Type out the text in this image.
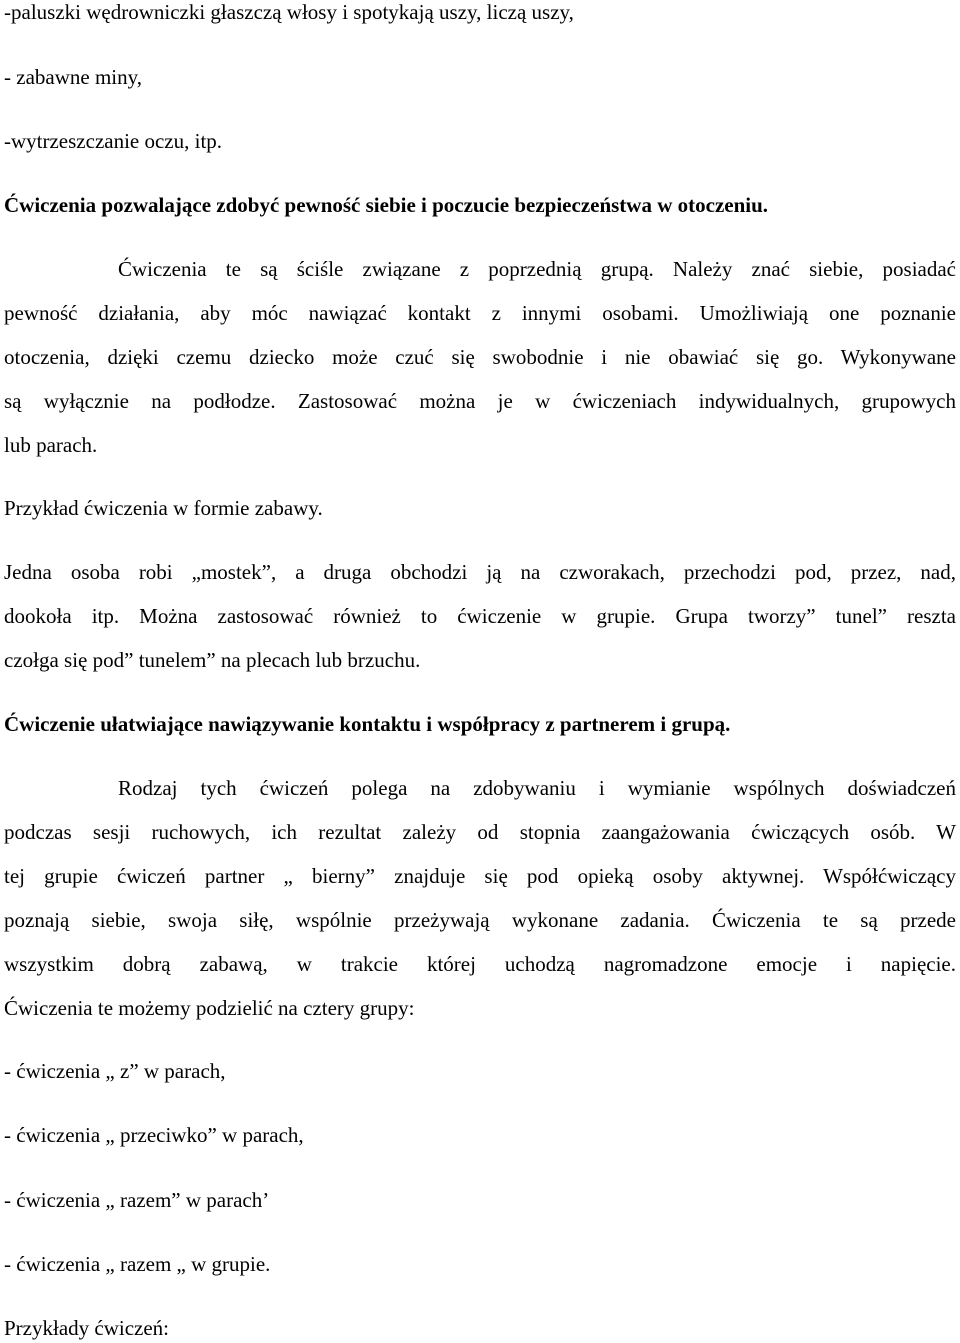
-paluszki wędrowniczki głaszczą włosy i spotykają uszy, liczą uszy,
- zabawne miny,
-wytrzeszczanie oczu, itp.
Ćwiczenia pozwalające zdobyć pewność siebie i poczucie bezpieczeństwa w otoczeniu.
Ćwiczenia te są ściśle związane z poprzednią grupą. Należy znać siebie, posiadać
pewność działania, aby móc nawiązać kontakt z innymi osobami. Umożliwiają one poznanie
otoczenia, dzięki czemu dziecko może czuć się swobodnie i nie obawiać się go. Wykonywane
są wyłącznie na podłodze. Zastosować można je w ćwiczeniach indywidualnych, grupowych
lub parach.
Przykład ćwiczenia w formie zabawy.
Jedna osoba robi „mostek”, a druga obchodzi ją na czworakach, przechodzi pod, przez, nad,
dookoła itp. Można zastosować również to ćwiczenie w grupie. Grupa tworzy” tunel” reszta
czołga się pod” tunelem” na plecach lub brzuchu.
Ćwiczenie ułatwiające nawiązywanie kontaktu i współpracy z partnerem i grupą.
Rodzaj tych ćwiczeń polega na zdobywaniu i wymianie wspólnych doświadczeń
podczas sesji ruchowych, ich rezultat zależy od stopnia zaangażowania ćwiczących osób. W
tej grupie ćwiczeń partner „ bierny” znajduje się pod opieką osoby aktywnej. Współćwiczący
poznają siebie, swoja siłę, wspólnie przeżywają wykonane zadania. Ćwiczenia te są przede
wszystkim dobrą zabawą, w trakcie której uchodzą nagromadzone emocje i napięcie.
Ćwiczenia te możemy podzielić na cztery grupy:
- ćwiczenia „ z” w parach,
- ćwiczenia „ przeciwko” w parach,
- ćwiczenia „ razem” w parach’
- ćwiczenia „ razem „ w grupie.
Przykłady ćwiczeń:
